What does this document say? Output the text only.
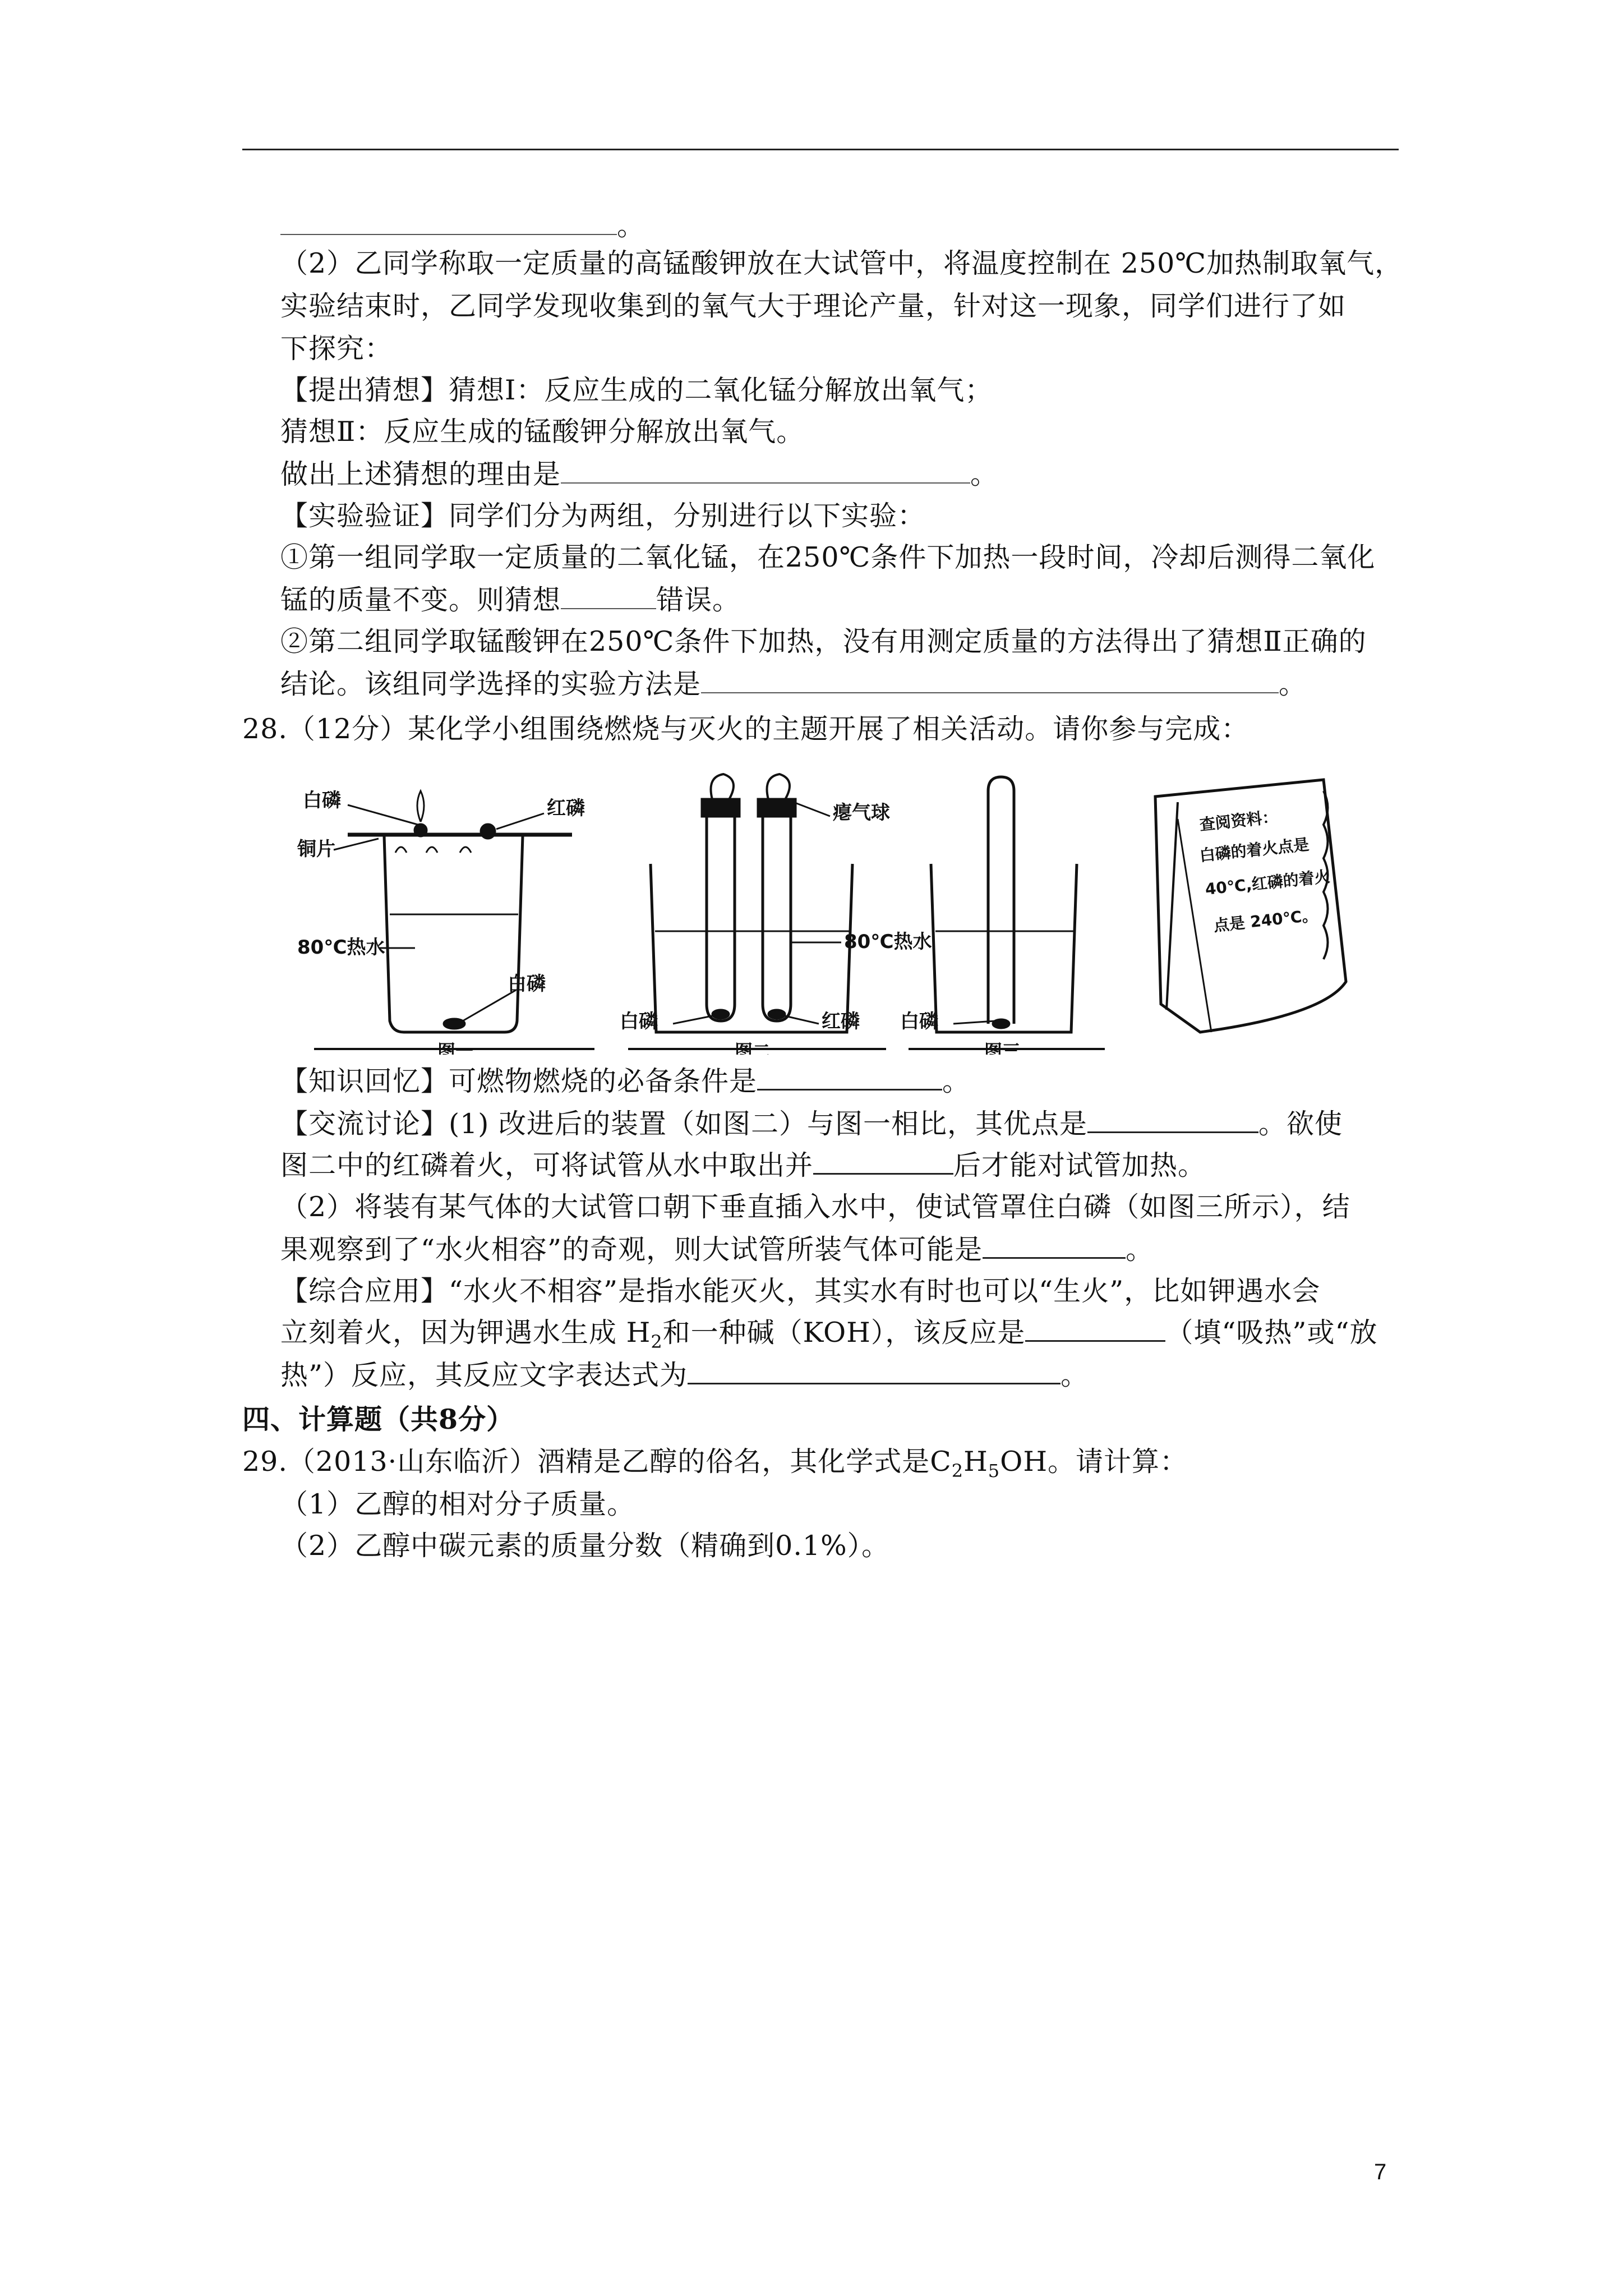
。
（2）乙同学称取一定质量的高锰酸钾放在大试管中，将温度控制在 250℃加热制取氧气，
实验结束时，乙同学发现收集到的氧气大于理论产量，针对这一现象，同学们进行了如
下探究：
【提出猜想】猜想Ⅰ：反应生成的二氧化锰分解放出氧气；
猜想Ⅱ：反应生成的锰酸钾分解放出氧气。
做出上述猜想的理由是	。
【实验验证】同学们分为两组，分别进行以下实验：
①第一组同学取一定质量的二氧化锰，在250℃条件下加热一段时间，冷却后测得二氧化
锰的质量不变。则猜想	错误。
②第二组同学取锰酸钾在250℃条件下加热，没有用测定质量的方法得出了猜想Ⅱ正确的
结论。该组同学选择的实验方法是	。
28.（12分）某化学小组围绕燃烧与灭火的主题开展了相关活动。请你参与完成：
白磷	红磷
铜片
80℃热水
白磷
图一
瘪气球
80℃热水
白磷	红磷
图二
白磷
图三
查阅资料：
白磷的着火点是
40℃,红磷的着火
点是 240℃。
【知识回忆】可燃物燃烧的必备条件是	。
【交流讨论】(1) 改进后的装置（如图二）与图一相比，其优点是	。欲使
图二中的红磷着火，可将试管从水中取出并	后才能对试管加热。
（2）将装有某气体的大试管口朝下垂直插入水中，使试管罩住白磷（如图三所示），结
果观察到了“水火相容”的奇观，则大试管所装气体可能是	。
【综合应用】“水火不相容”是指水能灭火，其实水有时也可以“生火”，比如钾遇水会
立刻着火，因为钾遇水生成 $H_2$和一种碱（KOH），该反应是	（填“吸热”或“放
热”）反应，其反应文字表达式为	。
四、计算题（共8分）
29.（2013·山东临沂）酒精是乙醇的俗名，其化学式是$C_2H_5OH$。请计算：
（1）乙醇的相对分子质量。
（2）乙醇中碳元素的质量分数（精确到0.1%）。
7
